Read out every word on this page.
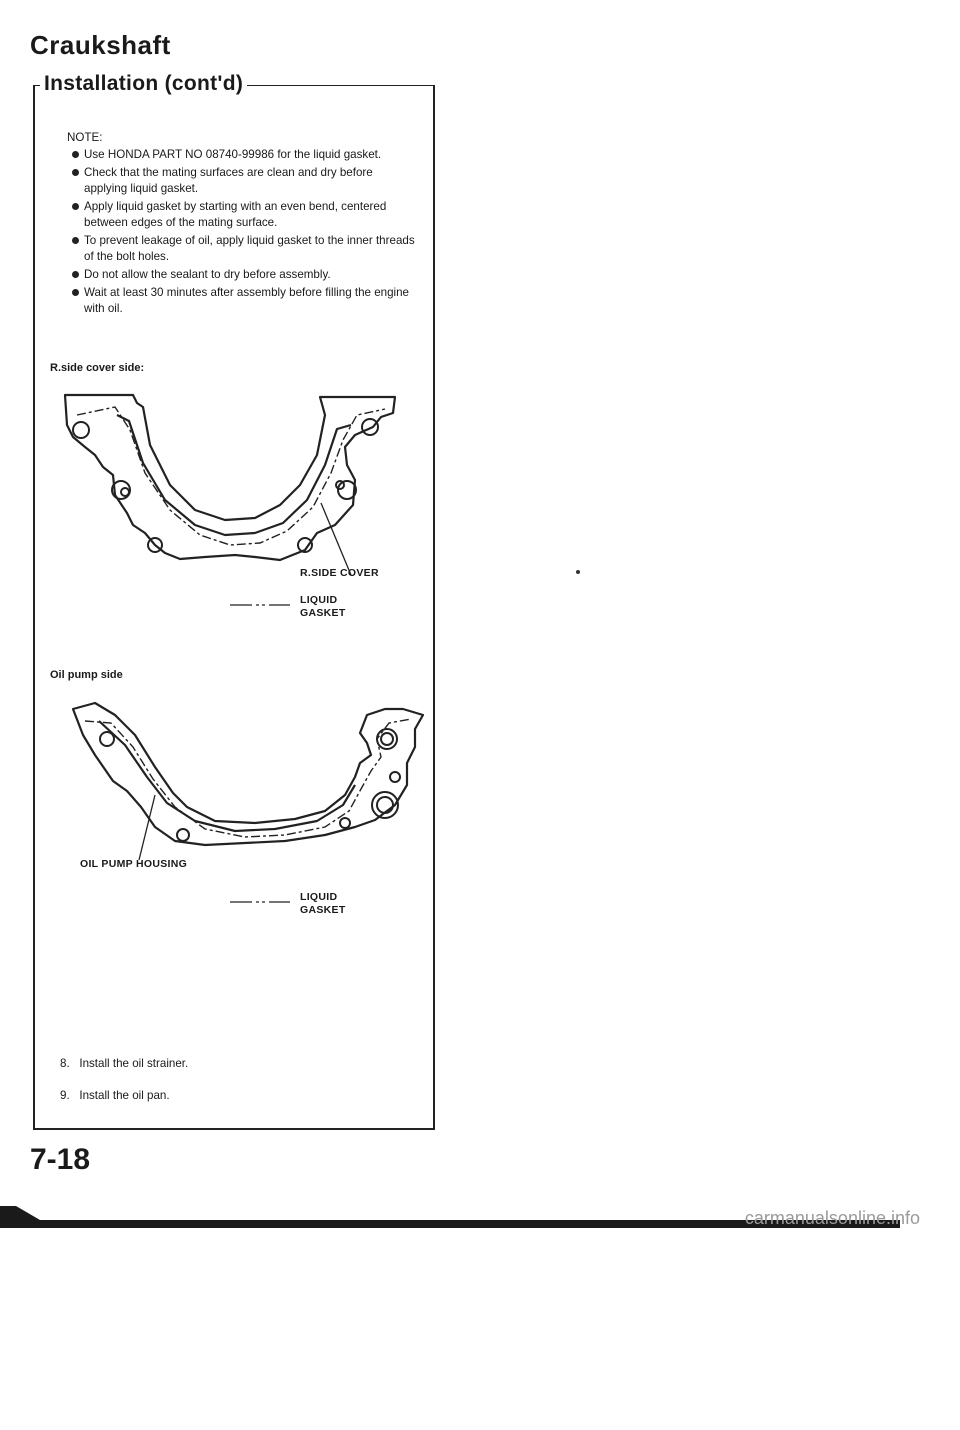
Craukshaft
Installation (cont'd)
NOTE:
Use HONDA PART NO 08740-99986 for the liquid gasket.
Check that the mating surfaces are clean and dry before applying liquid gasket.
Apply liquid gasket by starting with an even bend, centered between edges of the mating surface.
To prevent leakage of oil, apply liquid gasket to the inner threads of the bolt holes.
Do not allow the sealant to dry before assembly.
Wait at least 30 minutes after assembly before filling the engine with oil.
R.side cover side:
R.SIDE COVER
LIQUID
GASKET
Oil pump side
OIL PUMP HOUSING
LIQUID
GASKET
8. Install the oil strainer.
9. Install the oil pan.
7-18
carmanualsonline.info
